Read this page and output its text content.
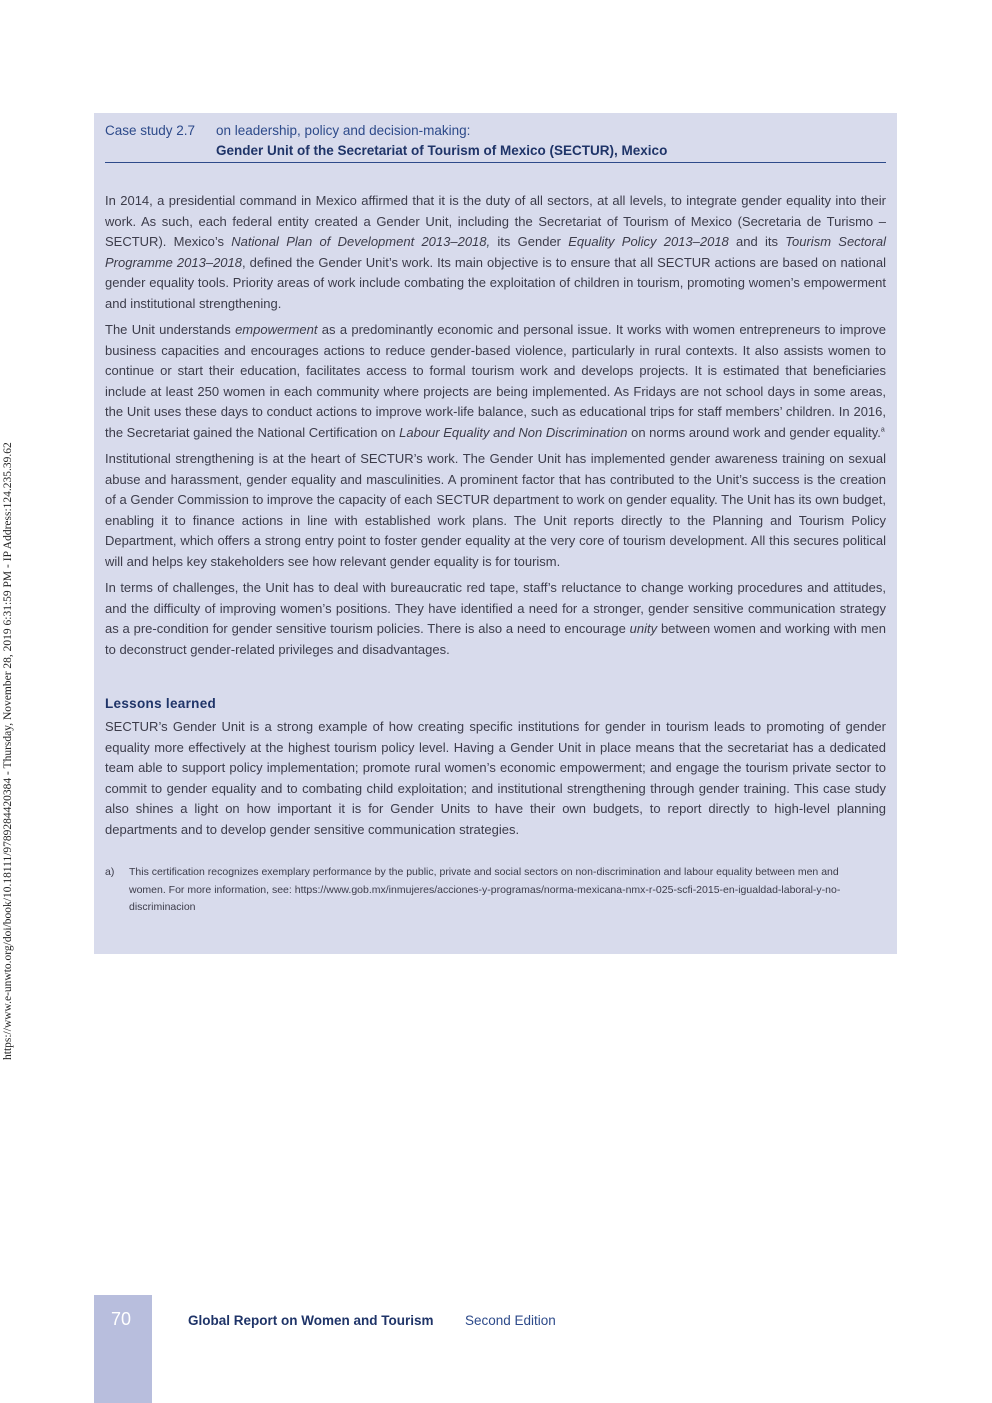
https://www.e-unwto.org/doi/book/10.18111/9789284420384 - Thursday, November 28, 2019 6:31:59 PM - IP Address:124.235.39.62
Case study 2.7	on leadership, policy and decision-making:
Gender Unit of the Secretariat of Tourism of Mexico (SECTUR), Mexico

In 2014, a presidential command in Mexico affirmed that it is the duty of all sectors, at all levels, to integrate gender equality into their work. As such, each federal entity created a Gender Unit, including the Secretariat of Tourism of Mexico (Secretaria de Turismo – SECTUR). Mexico’s National Plan of Development 2013–2018, its Gender Equality Policy 2013–2018 and its Tourism Sectoral Programme 2013–2018, defined the Gender Unit’s work. Its main objective is to ensure that all SECTUR actions are based on national gender equality tools. Priority areas of work include combating the exploitation of children in tourism, promoting women’s empowerment and institutional strengthening.

The Unit understands empowerment as a predominantly economic and personal issue. It works with women entrepreneurs to improve business capacities and encourages actions to reduce gender-based violence, particularly in rural contexts. It also assists women to continue or start their education, facilitates access to formal tourism work and develops projects. It is estimated that beneficiaries include at least 250 women in each community where projects are being implemented. As Fridays are not school days in some areas, the Unit uses these days to conduct actions to improve work-life balance, such as educational trips for staff members’ children. In 2016, the Secretariat gained the National Certification on Labour Equality and Non Discrimination on norms around work and gender equality.$^a$

Institutional strengthening is at the heart of SECTUR’s work. The Gender Unit has implemented gender awareness training on sexual abuse and harassment, gender equality and masculinities. A prominent factor that has contributed to the Unit’s success is the creation of a Gender Commission to improve the capacity of each SECTUR department to work on gender equality. The Unit has its own budget, enabling it to finance actions in line with established work plans. The Unit reports directly to the Planning and Tourism Policy Department, which offers a strong entry point to foster gender equality at the very core of tourism development. All this secures political will and helps key stakeholders see how relevant gender equality is for tourism.

In terms of challenges, the Unit has to deal with bureaucratic red tape, staff’s reluctance to change working procedures and attitudes, and the difficulty of improving women’s positions. They have identified a need for a stronger, gender sensitive communication strategy as a pre-condition for gender sensitive tourism policies. There is also a need to encourage unity between women and working with men to deconstruct gender-related privileges and disadvantages.

Lessons learned

SECTUR’s Gender Unit is a strong example of how creating specific institutions for gender in tourism leads to promoting of gender equality more effectively at the highest tourism policy level. Having a Gender Unit in place means that the secretariat has a dedicated team able to support policy implementation; promote rural women’s economic empowerment; and engage the tourism private sector to commit to gender equality and to combating child exploitation; and institutional strengthening through gender training. This case study also shines a light on how important it is for Gender Units to have their own budgets, to report directly to high-level planning departments and to develop gender sensitive communication strategies.

a)	This certification recognizes exemplary performance by the public, private and social sectors on non-discrimination and labour equality between men and women. For more information, see: https://www.gob.mx/inmujeres/acciones-y-programas/norma-mexicana-nmx-r-025-scfi-2015-en-igualdad-laboral-y-no-discriminacion
70	Global Report on Women and Tourism Second Edition
